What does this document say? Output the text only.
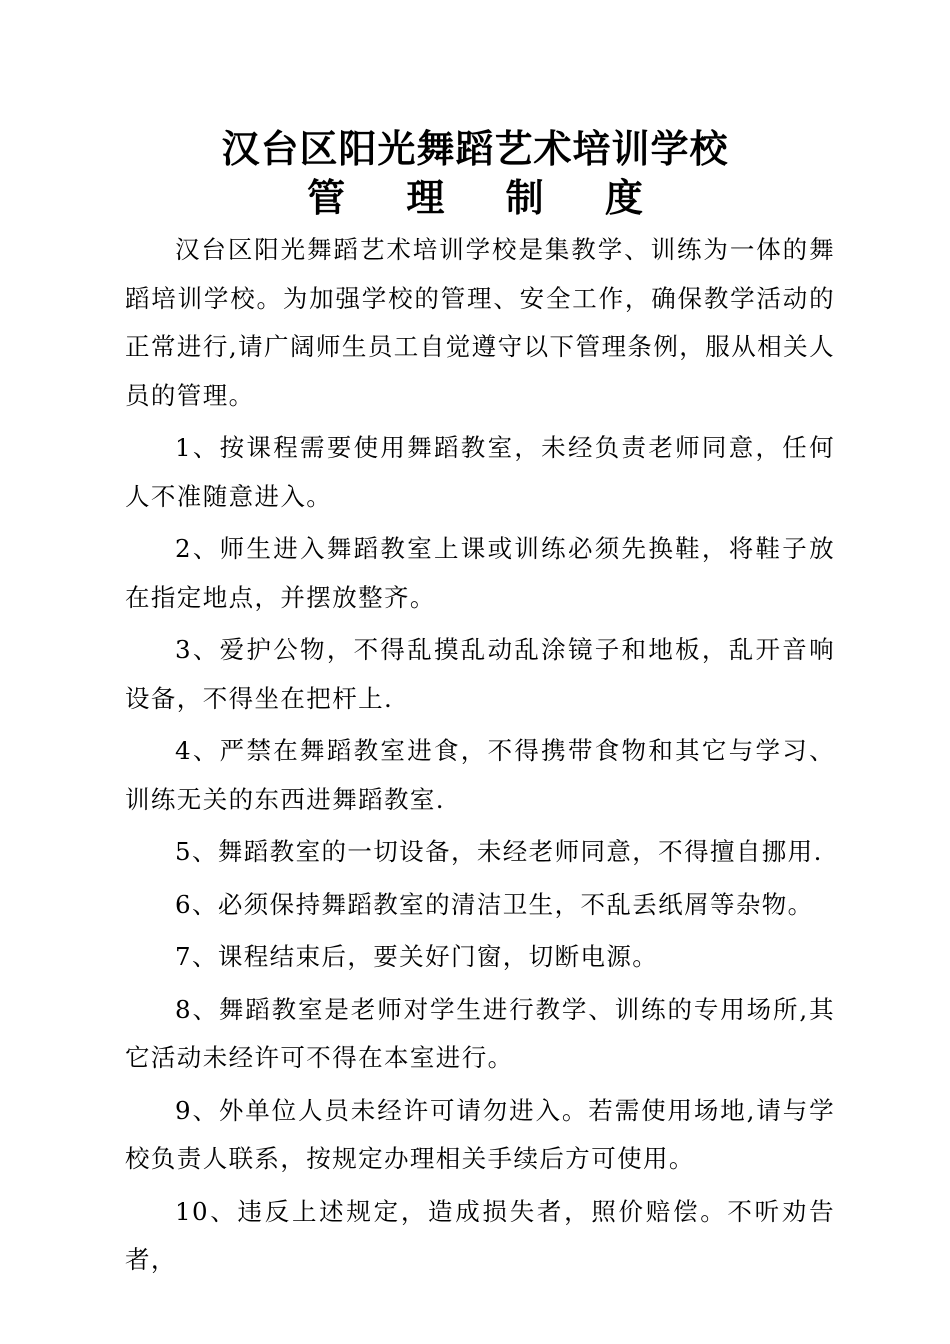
汉台区阳光舞蹈艺术培训学校
管 理 制 度

汉台区阳光舞蹈艺术培训学校是集教学、训练为一体的舞蹈培训学校。为加强学校的管理、安全工作，确保教学活动的正常进行,请广阔师生员工自觉遵守以下管理条例，服从相关人员的管理。

1、按课程需要使用舞蹈教室，未经负责老师同意，任何人不准随意进入。

2、师生进入舞蹈教室上课或训练必须先换鞋，将鞋子放在指定地点，并摆放整齐。

3、爱护公物，不得乱摸乱动乱涂镜子和地板，乱开音响设备，不得坐在把杆上.

4、严禁在舞蹈教室进食，不得携带食物和其它与学习、训练无关的东西进舞蹈教室.

5、舞蹈教室的一切设备，未经老师同意，不得擅自挪用.

6、必须保持舞蹈教室的清洁卫生，不乱丢纸屑等杂物。

7、课程结束后，要关好门窗，切断电源。

8、舞蹈教室是老师对学生进行教学、训练的专用场所,其它活动未经许可不得在本室进行。

9、外单位人员未经许可请勿进入。若需使用场地,请与学校负责人联系，按规定办理相关手续后方可使用。

10、违反上述规定，造成损失者，照价赔偿。不听劝告者，
